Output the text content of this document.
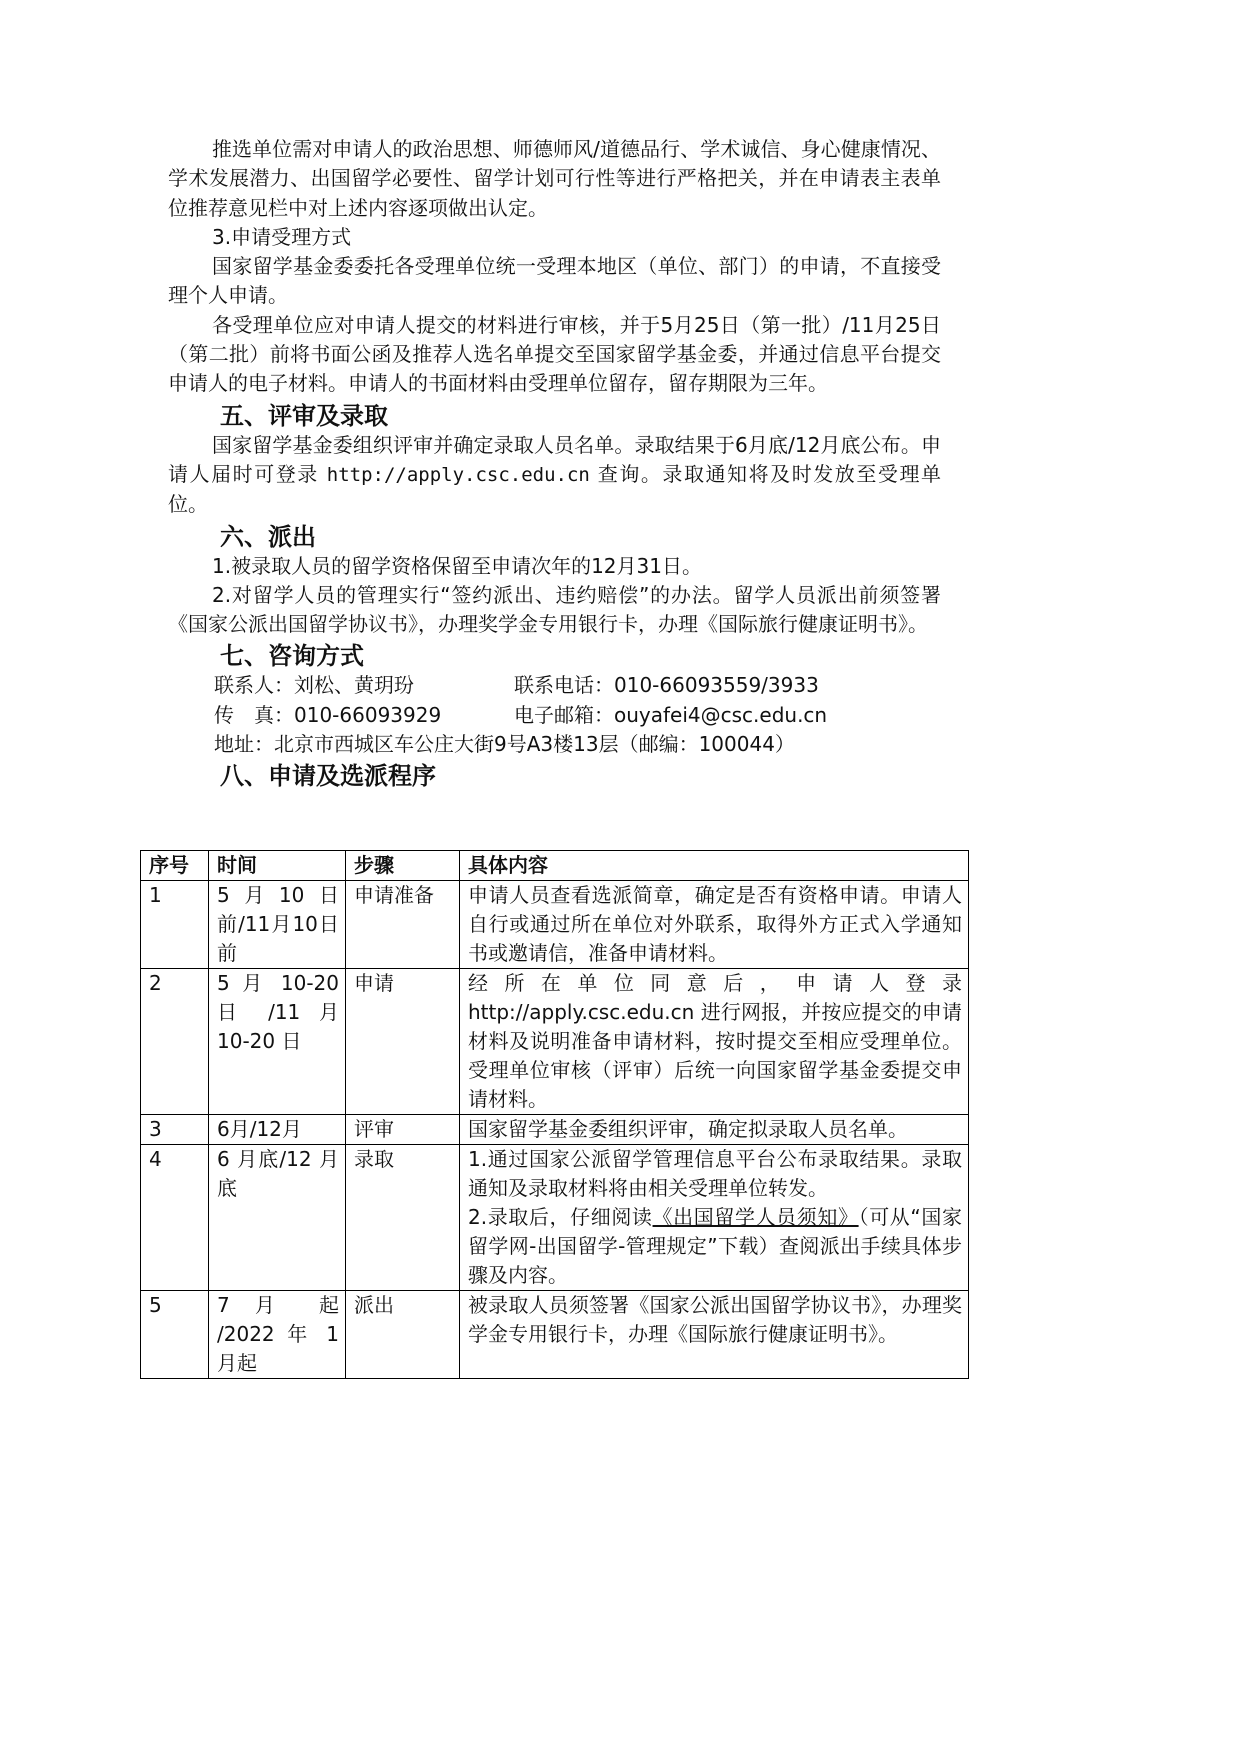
推选单位需对申请人的政治思想、师德师风/道德品行、学术诚信、身心健康情况、学术发展潜力、出国留学必要性、留学计划可行性等进行严格把关，并在申请表主表单位推荐意见栏中对上述内容逐项做出认定。

3.申请受理方式

国家留学基金委委托各受理单位统一受理本地区（单位、部门）的申请，不直接受理个人申请。

各受理单位应对申请人提交的材料进行审核，并于5月25日（第一批）/11月25日（第二批）前将书面公函及推荐人选名单提交至国家留学基金委，并通过信息平台提交申请人的电子材料。申请人的书面材料由受理单位留存，留存期限为三年。

五、评审及录取

国家留学基金委组织评审并确定录取人员名单。录取结果于6月底/12月底公布。申请人届时可登录 http://apply.csc.edu.cn 查询。录取通知将及时发放至受理单位。

六、派出

1.被录取人员的留学资格保留至申请次年的12月31日。

2.对留学人员的管理实行“签约派出、违约赔偿”的办法。留学人员派出前须签署《国家公派出国留学协议书》，办理奖学金专用银行卡，办理《国际旅行健康证明书》。

七、咨询方式
联系人：刘松、黄玥玢	联系电话：010-66093559/3933
传　真：010-66093929	电子邮箱：ouyafei4@csc.edu.cn
地址：北京市西城区车公庄大街9号A3楼13层（邮编：100044）
八、申请及选派程序
序号	时间	步骤	具体内容
1	5月10日前/11月10日前	申请准备	申请人员查看选派简章，确定是否有资格申请。申请人自行或通过所在单位对外联系，取得外方正式入学通知书或邀请信，准备申请材料。
2	5 月 10-20 日 /11 月 10-20 日	申请	经所在单位同意后，申请人登录 http://apply.csc.edu.cn 进行网报，并按应提交的申请材料及说明准备申请材料，按时提交至相应受理单位。受理单位审核（评审）后统一向国家留学基金委提交申请材料。
3	6月/12月	评审	国家留学基金委组织评审，确定拟录取人员名单。
4	6 月底/12 月底	录取	1.通过国家公派留学管理信息平台公布录取结果。录取通知及录取材料将由相关受理单位转发。
2.录取后，仔细阅读《出国留学人员须知》（可从“国家留学网-出国留学-管理规定”下载）查阅派出手续具体步骤及内容。

5	7 月 起 /2022 年 1 月起	派出	被录取人员须签署《国家公派出国留学协议书》，办理奖学金专用银行卡，办理《国际旅行健康证明书》。
